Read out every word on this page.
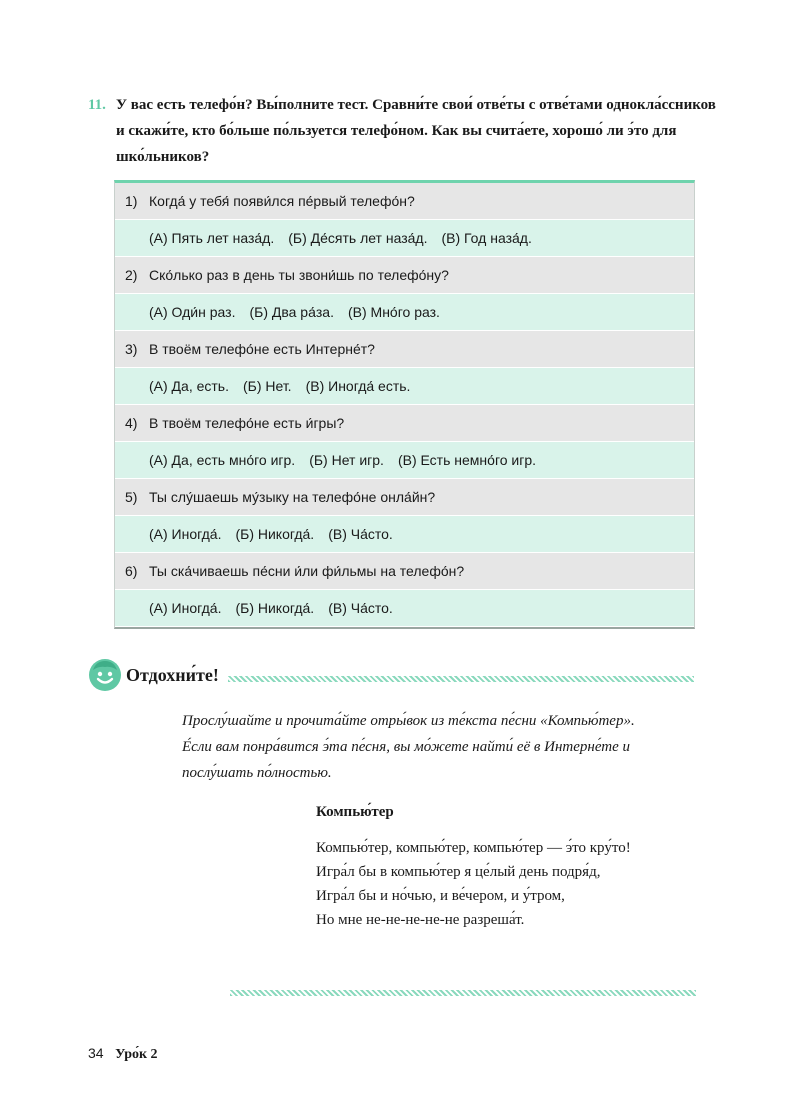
11. У вас есть телефо́н? Вы́полните тест. Сравни́те свои́ отве́ты с отве́тами однокла́ссников
и скажи́те, кто бо́льше по́льзуется телефо́ном. Как вы счита́ете, хорошо́ ли э́то для
шко́льников?
1) Когда́ у тебя́ появи́лся пе́рвый телефо́н?
(А) Пять лет наза́д. (Б) Де́сять лет наза́д. (В) Год наза́д.
2) Ско́лько раз в день ты звони́шь по телефо́ну?
(А) Оди́н раз. (Б) Два ра́за. (В) Мно́го раз.
3) В твоём телефо́не есть Интерне́т?
(А) Да, есть. (Б) Нет. (В) Иногда́ есть.
4) В твоём телефо́не есть и́гры?
(А) Да, есть мно́го игр. (Б) Нет игр. (В) Есть немно́го игр.
5) Ты слу́шаешь му́зыку на телефо́не онла́йн?
(А) Иногда́. (Б) Никогда́. (В) Ча́сто.
6) Ты ска́чиваешь пе́сни и́ли фи́льмы на телефо́н?
(А) Иногда́. (Б) Никогда́. (В) Ча́сто.
Отдохни́те!
Прослу́шайте и прочита́йте отры́вок из те́кста пе́сни «Компью́тер».
Е́сли вам понра́вится э́та пе́сня, вы мо́жете найти́ её в Интерне́те и
послу́шать по́лностью.
Компью́тер
Компью́тер, компью́тер, компью́тер — э́то кру́то!
Игра́л бы в компью́тер я це́лый день подря́д,
Игра́л бы и но́чью, и ве́чером, и у́тром,
Но мне не-не-не-не-не разреша́т.
34 Уро́к 2
